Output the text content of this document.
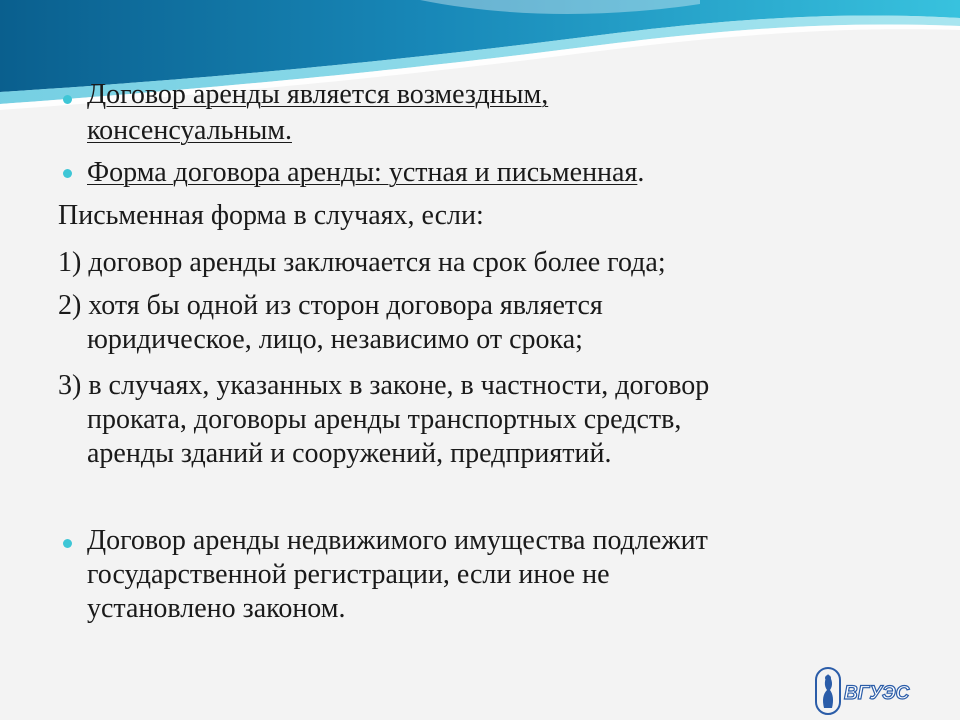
Договор аренды является возмездным,

консенсуальным.

Форма договора аренды: устная и письменная.

Письменная форма в случаях, если:

1) договор аренды заключается на срок более года;

2) хотя бы одной из сторон договора является

юридическое, лицо, независимо от срока;

3) в случаях, указанных в законе, в частности, договор

проката, договоры аренды транспортных средств,

аренды зданий и сооружений, предприятий.

Договор аренды недвижимого имущества подлежит

государственной регистрации, если иное не

установлено законом.

ВГУЭС
